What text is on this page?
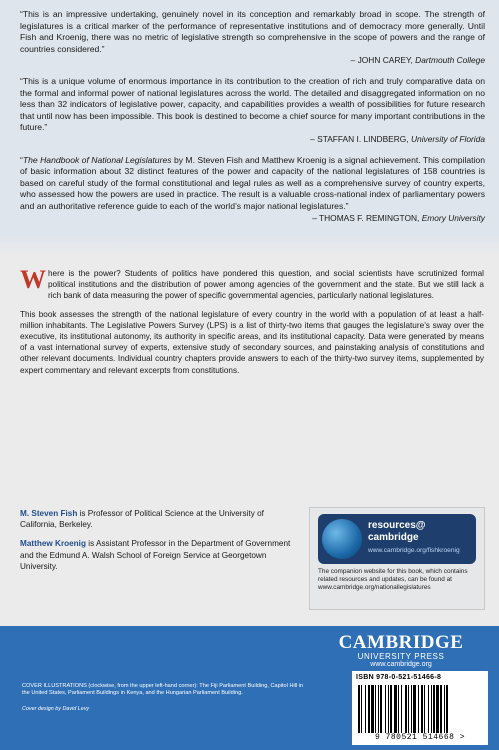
“This is an impressive undertaking, genuinely novel in its conception and remarkably broad in scope. The strength of legislatures is a critical marker of the performance of representative institutions and of democracy more generally. Until Fish and Kroenig, there was no metric of legislative strength so comprehensive in the scope of powers and the range of countries considered.”
– JOHN CAREY, Dartmouth College

“This is a unique volume of enormous importance in its contribution to the creation of rich and truly comparative data on the formal and informal power of national legislatures across the world. The detailed and disaggregated information on no less than 32 indicators of legislative power, capacity, and capabilities provides a wealth of possibilities for future research that until now has been impossible. This book is destined to become a chief source for many important contributions in the future.”
– STAFFAN I. LINDBERG, University of Florida

“The Handbook of National Legislatures by M. Steven Fish and Matthew Kroenig is a signal achievement. This compilation of basic information about 32 distinct features of the power and capacity of the national legislatures of 158 countries is based on careful study of the formal constitutional and legal rules as well as a comprehensive survey of country experts, who assessed how the powers are used in practice. The result is a valuable cross-national index of parliamentary powers and an authoritative reference guide to each of the world’s major national legislatures.”
– THOMAS F. REMINGTON, Emory University

Where is the power? Students of politics have pondered this question, and social scientists have scrutinized formal political institutions and the distribution of power among agencies of the government and the state. But we still lack a rich bank of data measuring the power of specific governmental agencies, particularly national legislatures.

This book assesses the strength of the national legislature of every country in the world with a population of at least a half-million inhabitants. The Legislative Powers Survey (LPS) is a list of thirty-two items that gauges the legislature’s sway over the executive, its institutional autonomy, its authority in specific areas, and its institutional capacity. Data were generated by means of a vast international survey of experts, extensive study of secondary sources, and painstaking analysis of constitutions and other relevant documents. Individual country chapters provide answers to each of the thirty-two survey items, supplemented by expert commentary and relevant excerpts from constitutions.

M. Steven Fish is Professor of Political Science at the University of California, Berkeley.

Matthew Kroenig is Assistant Professor in the Department of Government and the Edmund A. Walsh School of Foreign Service at Georgetown University.

resources@
cambridge
www.cambridge.org/fishkroenig
The companion website for this book, which contains related resources and updates, can be found at www.cambridge.org/nationallegislatures
CAMBRIDGE
UNIVERSITY PRESS
www.cambridge.org
COVER ILLUSTRATIONS (clockwise, from the upper left-hand corner): The Fiji Parliament Building, Capitol Hill in the United States, Parliament Buildings in Kenya, and the Hungarian Parliament Building.
Cover design by David Levy
ISBN 978-0-521-51466-8
9 780521 514668 >
